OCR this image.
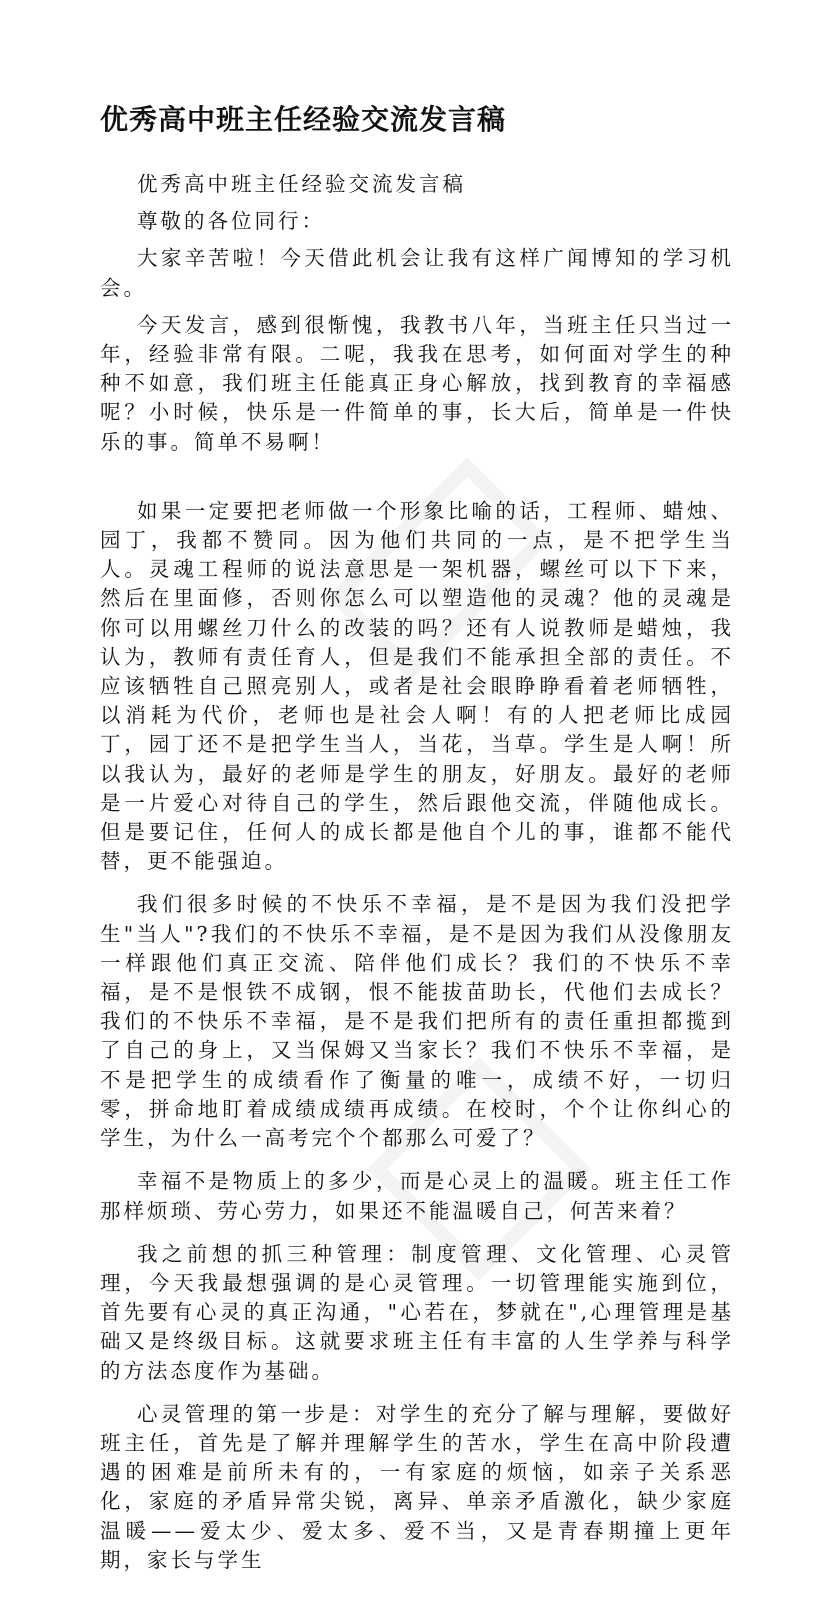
优秀高中班主任经验交流发言稿

优秀高中班主任经验交流发言稿

尊敬的各位同行：

大家辛苦啦！今天借此机会让我有这样广闻博知的学习机会。

今天发言，感到很惭愧，我教书八年，当班主任只当过一年，经验非常有限。二呢，我我在思考，如何面对学生的种种不如意，我们班主任能真正身心解放，找到教育的幸福感呢？小时候，快乐是一件简单的事，长大后，简单是一件快乐的事。简单不易啊！

如果一定要把老师做一个形象比喻的话，工程师、蜡烛、园丁，我都不赞同。因为他们共同的一点，是不把学生当人。灵魂工程师的说法意思是一架机器，螺丝可以下下来，然后在里面修，否则你怎么可以塑造他的灵魂？他的灵魂是你可以用螺丝刀什么的改装的吗？还有人说教师是蜡烛，我认为，教师有责任育人，但是我们不能承担全部的责任。不应该牺牲自己照亮别人，或者是社会眼睁睁看着老师牺牲，以消耗为代价，老师也是社会人啊！有的人把老师比成园丁，园丁还不是把学生当人，当花，当草。学生是人啊！所以我认为，最好的老师是学生的朋友，好朋友。最好的老师是一片爱心对待自己的学生，然后跟他交流，伴随他成长。但是要记住，任何人的成长都是他自个儿的事，谁都不能代替，更不能强迫。

我们很多时候的不快乐不幸福，是不是因为我们没把学生"当人"?我们的不快乐不幸福，是不是因为我们从没像朋友一样跟他们真正交流、陪伴他们成长？我们的不快乐不幸福，是不是恨铁不成钢，恨不能拔苗助长，代他们去成长？我们的不快乐不幸福，是不是我们把所有的责任重担都揽到了自己的身上，又当保姆又当家长？我们不快乐不幸福，是不是把学生的成绩看作了衡量的唯一，成绩不好，一切归零，拼命地盯着成绩成绩再成绩。在校时，个个让你纠心的学生，为什么一高考完个个都那么可爱了？

幸福不是物质上的多少，而是心灵上的温暖。班主任工作那样烦琐、劳心劳力，如果还不能温暖自己，何苦来着？

我之前想的抓三种管理：制度管理、文化管理、心灵管理，今天我最想强调的是心灵管理。一切管理能实施到位，首先要有心灵的真正沟通，"心若在，梦就在",心理管理是基础又是终级目标。这就要求班主任有丰富的人生学养与科学的方法态度作为基础。

心灵管理的第一步是：对学生的充分了解与理解，要做好班主任，首先是了解并理解学生的苦水，学生在高中阶段遭遇的困难是前所未有的，一有家庭的烦恼，如亲子关系恶化，家庭的矛盾异常尖锐，离异、单亲矛盾激化，缺少家庭温暖——爱太少、爱太多、爱不当，又是青春期撞上更年期，家长与学生
